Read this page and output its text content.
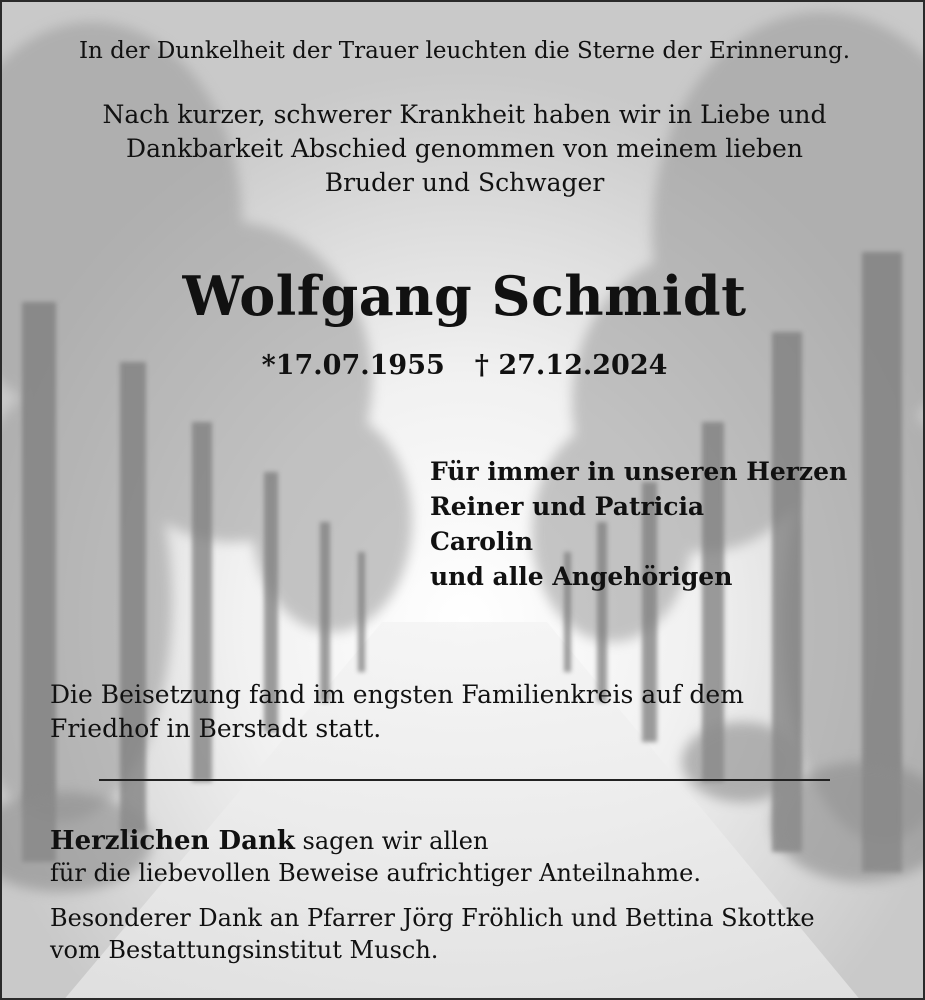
In der Dunkelheit der Trauer leuchten die Sterne der Erinnerung.
Nach kurzer, schwerer Krankheit haben wir in Liebe und
Dankbarkeit Abschied genommen von meinem lieben
Bruder und Schwager
Wolfgang Schmidt
*17.07.1955 † 27.12.2024
Für immer in unseren Herzen
Reiner und Patricia
Carolin
und alle Angehörigen
Die Beisetzung fand im engsten Familienkreis auf dem
Friedhof in Berstadt statt.
Herzlichen Dank sagen wir allen
für die liebevollen Beweise aufrichtiger Anteilnahme.
Besonderer Dank an Pfarrer Jörg Fröhlich und Bettina Skottke
vom Bestattungsinstitut Musch.
